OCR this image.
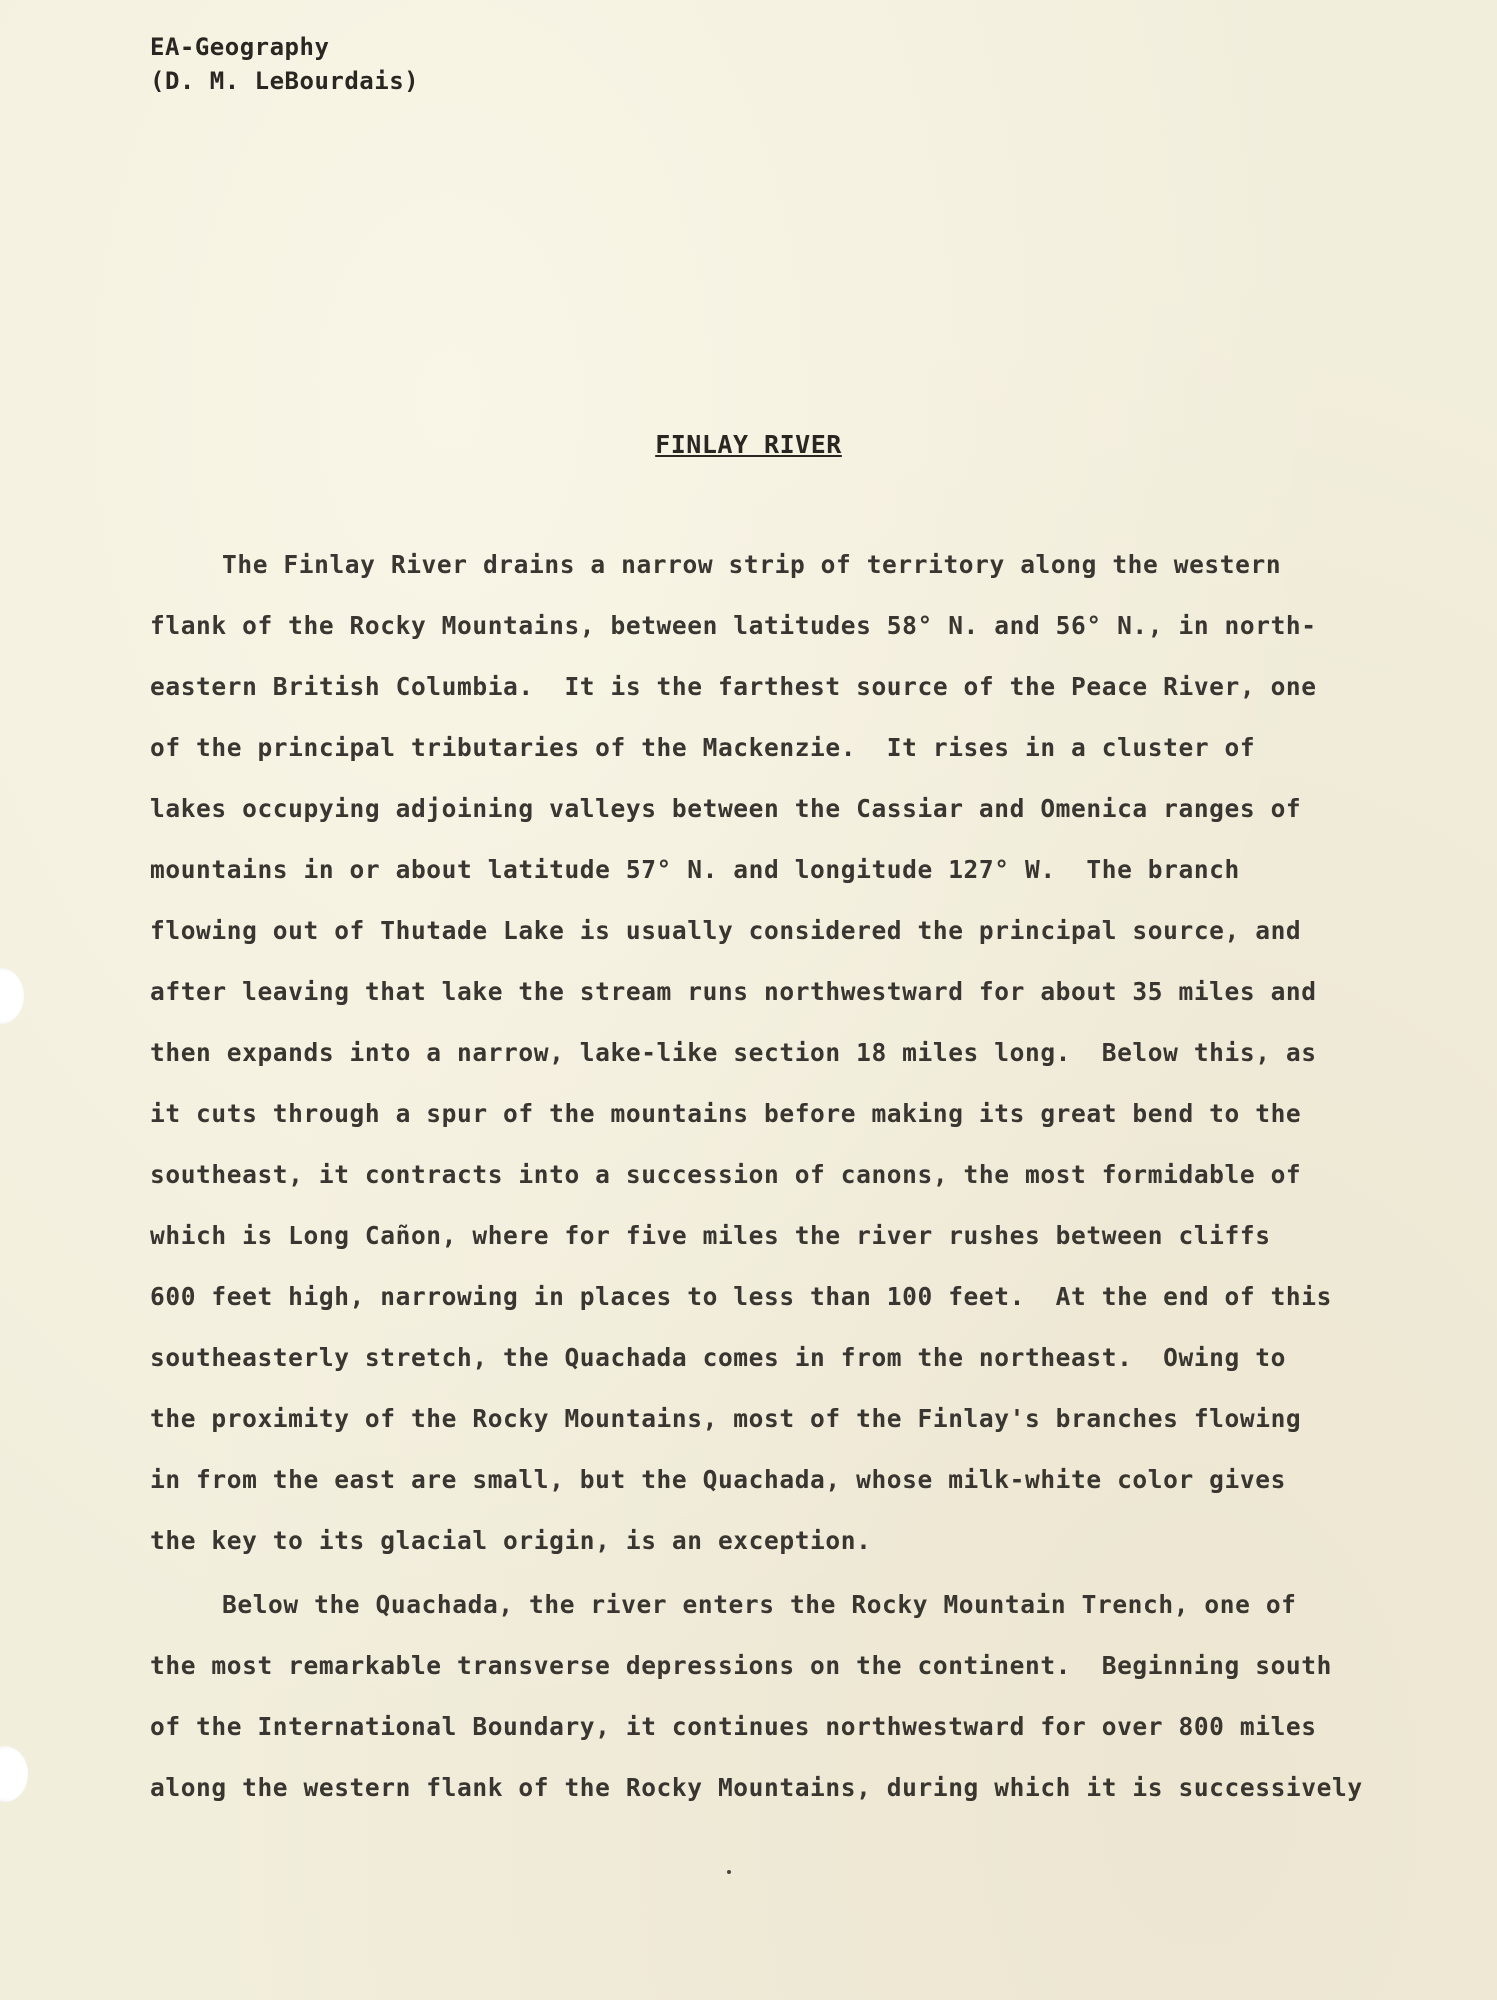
EA-Geography
(D. M. LeBourdais)
FINLAY RIVER
The Finlay River drains a narrow strip of territory along the western
flank of the Rocky Mountains, between latitudes 58° N. and 56° N., in north-
eastern British Columbia.  It is the farthest source of the Peace River, one
of the principal tributaries of the Mackenzie.  It rises in a cluster of
lakes occupying adjoining valleys between the Cassiar and Omenica ranges of
mountains in or about latitude 57° N. and longitude 127° W.  The branch
flowing out of Thutade Lake is usually considered the principal source, and
after leaving that lake the stream runs northwestward for about 35 miles and
then expands into a narrow, lake-like section 18 miles long.  Below this, as
it cuts through a spur of the mountains before making its great bend to the
southeast, it contracts into a succession of canons, the most formidable of
which is Long Cañon, where for five miles the river rushes between cliffs
600 feet high, narrowing in places to less than 100 feet.  At the end of this
southeasterly stretch, the Quachada comes in from the northeast.  Owing to
the proximity of the Rocky Mountains, most of the Finlay's branches flowing
in from the east are small, but the Quachada, whose milk-white color gives
the key to its glacial origin, is an exception.
Below the Quachada, the river enters the Rocky Mountain Trench, one of
the most remarkable transverse depressions on the continent.  Beginning south
of the International Boundary, it continues northwestward for over 800 miles
along the western flank of the Rocky Mountains, during which it is successively
